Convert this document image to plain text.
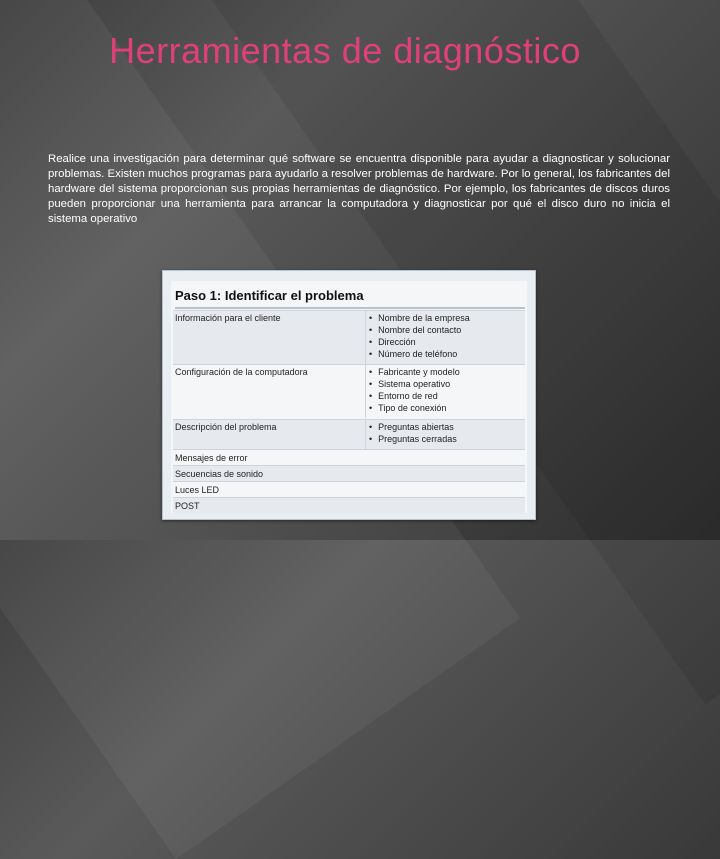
Herramientas de diagnóstico
Realice una investigación para determinar qué software se encuentra disponible para ayudar a diagnosticar y solucionar problemas. Existen muchos programas para ayudarlo a resolver problemas de hardware. Por lo general, los fabricantes del hardware del sistema proporcionan sus propias herramientas de diagnóstico. Por ejemplo, los fabricantes de discos duros pueden proporcionar una herramienta para arrancar la computadora y diagnosticar por qué el disco duro no inicia el sistema operativo
Paso 1: Identificar el problema
Información para el cliente	• Nombre de la empresa
• Nombre del contacto
• Dirección
• Número de teléfono
Configuración de la computadora	• Fabricante y modelo
• Sistema operativo
• Entorno de red
• Tipo de conexión
Descripción del problema	• Preguntas abiertas
• Preguntas cerradas
Mensajes de error
Secuencias de sonido
Luces LED
POST
